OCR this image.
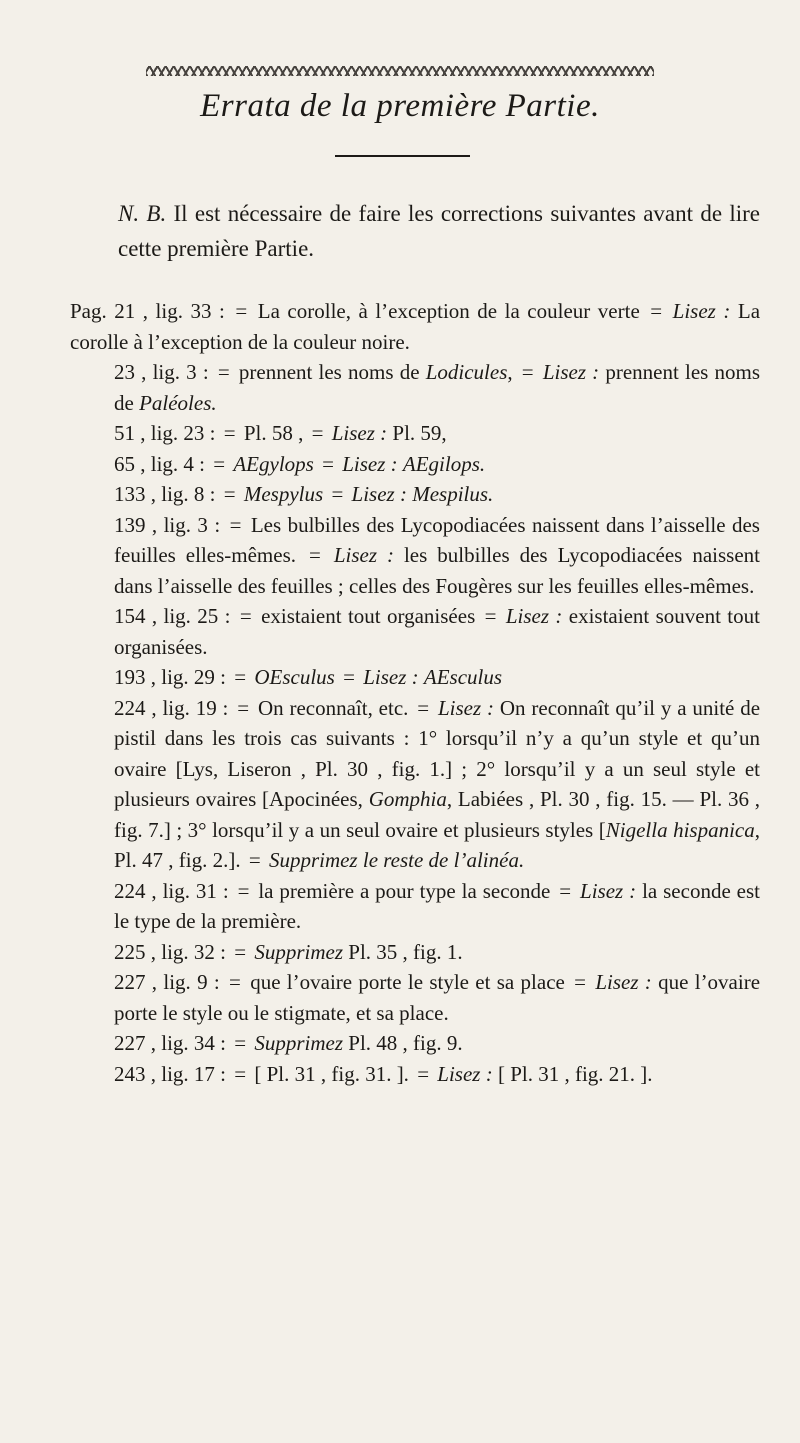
Errata de la première Partie.
N. B. Il est nécessaire de faire les corrections suivantes avant de lire cette première Partie.
Pag. 21 , lig. 33 : = La corolle, à l’exception de la couleur verte = Lisez : La corolle à l’exception de la couleur noire.
23 , lig. 3 : = prennent les noms de Lodicules, = Lisez : prennent les noms de Paléoles.
51 , lig. 23 : = Pl. 58 , = Lisez : Pl. 59,
65 , lig. 4 : = AEgylops = Lisez : AEgilops.
133 , lig. 8 : = Mespylus = Lisez : Mespilus.
139 , lig. 3 : = Les bulbilles des Lycopodiacées naissent dans l’aisselle des feuilles elles-mêmes. = Lisez : les bulbilles des Lycopodiacées naissent dans l’aisselle des feuilles ; celles des Fougères sur les feuilles elles-mêmes.
154 , lig. 25 : = existaient tout organisées = Lisez : existaient souvent tout organisées.
193 , lig. 29 : = OEsculus = Lisez : AEsculus
224 , lig. 19 : = On reconnaît, etc. = Lisez : On reconnaît qu’il y a unité de pistil dans les trois cas suivants : 1° lorsqu’il n’y a qu’un style et qu’un ovaire [Lys, Liseron , Pl. 30 , fig. 1.] ; 2° lorsqu’il y a un seul style et plusieurs ovaires [Apocinées, Gomphia, Labiées , Pl. 30 , fig. 15. — Pl. 36 , fig. 7.] ; 3° lorsqu’il y a un seul ovaire et plusieurs styles [Nigella hispanica, Pl. 47 , fig. 2.]. = Supprimez le reste de l’alinéa.
224 , lig. 31 : = la première a pour type la seconde = Lisez : la seconde est le type de la première.
225 , lig. 32 : = Supprimez Pl. 35 , fig. 1.
227 , lig. 9 : = que l’ovaire porte le style et sa place = Lisez : que l’ovaire porte le style ou le stigmate, et sa place.
227 , lig. 34 : = Supprimez Pl. 48 , fig. 9.
243 , lig. 17 : = [ Pl. 31 , fig. 31. ]. = Lisez : [ Pl. 31 , fig. 21. ].
